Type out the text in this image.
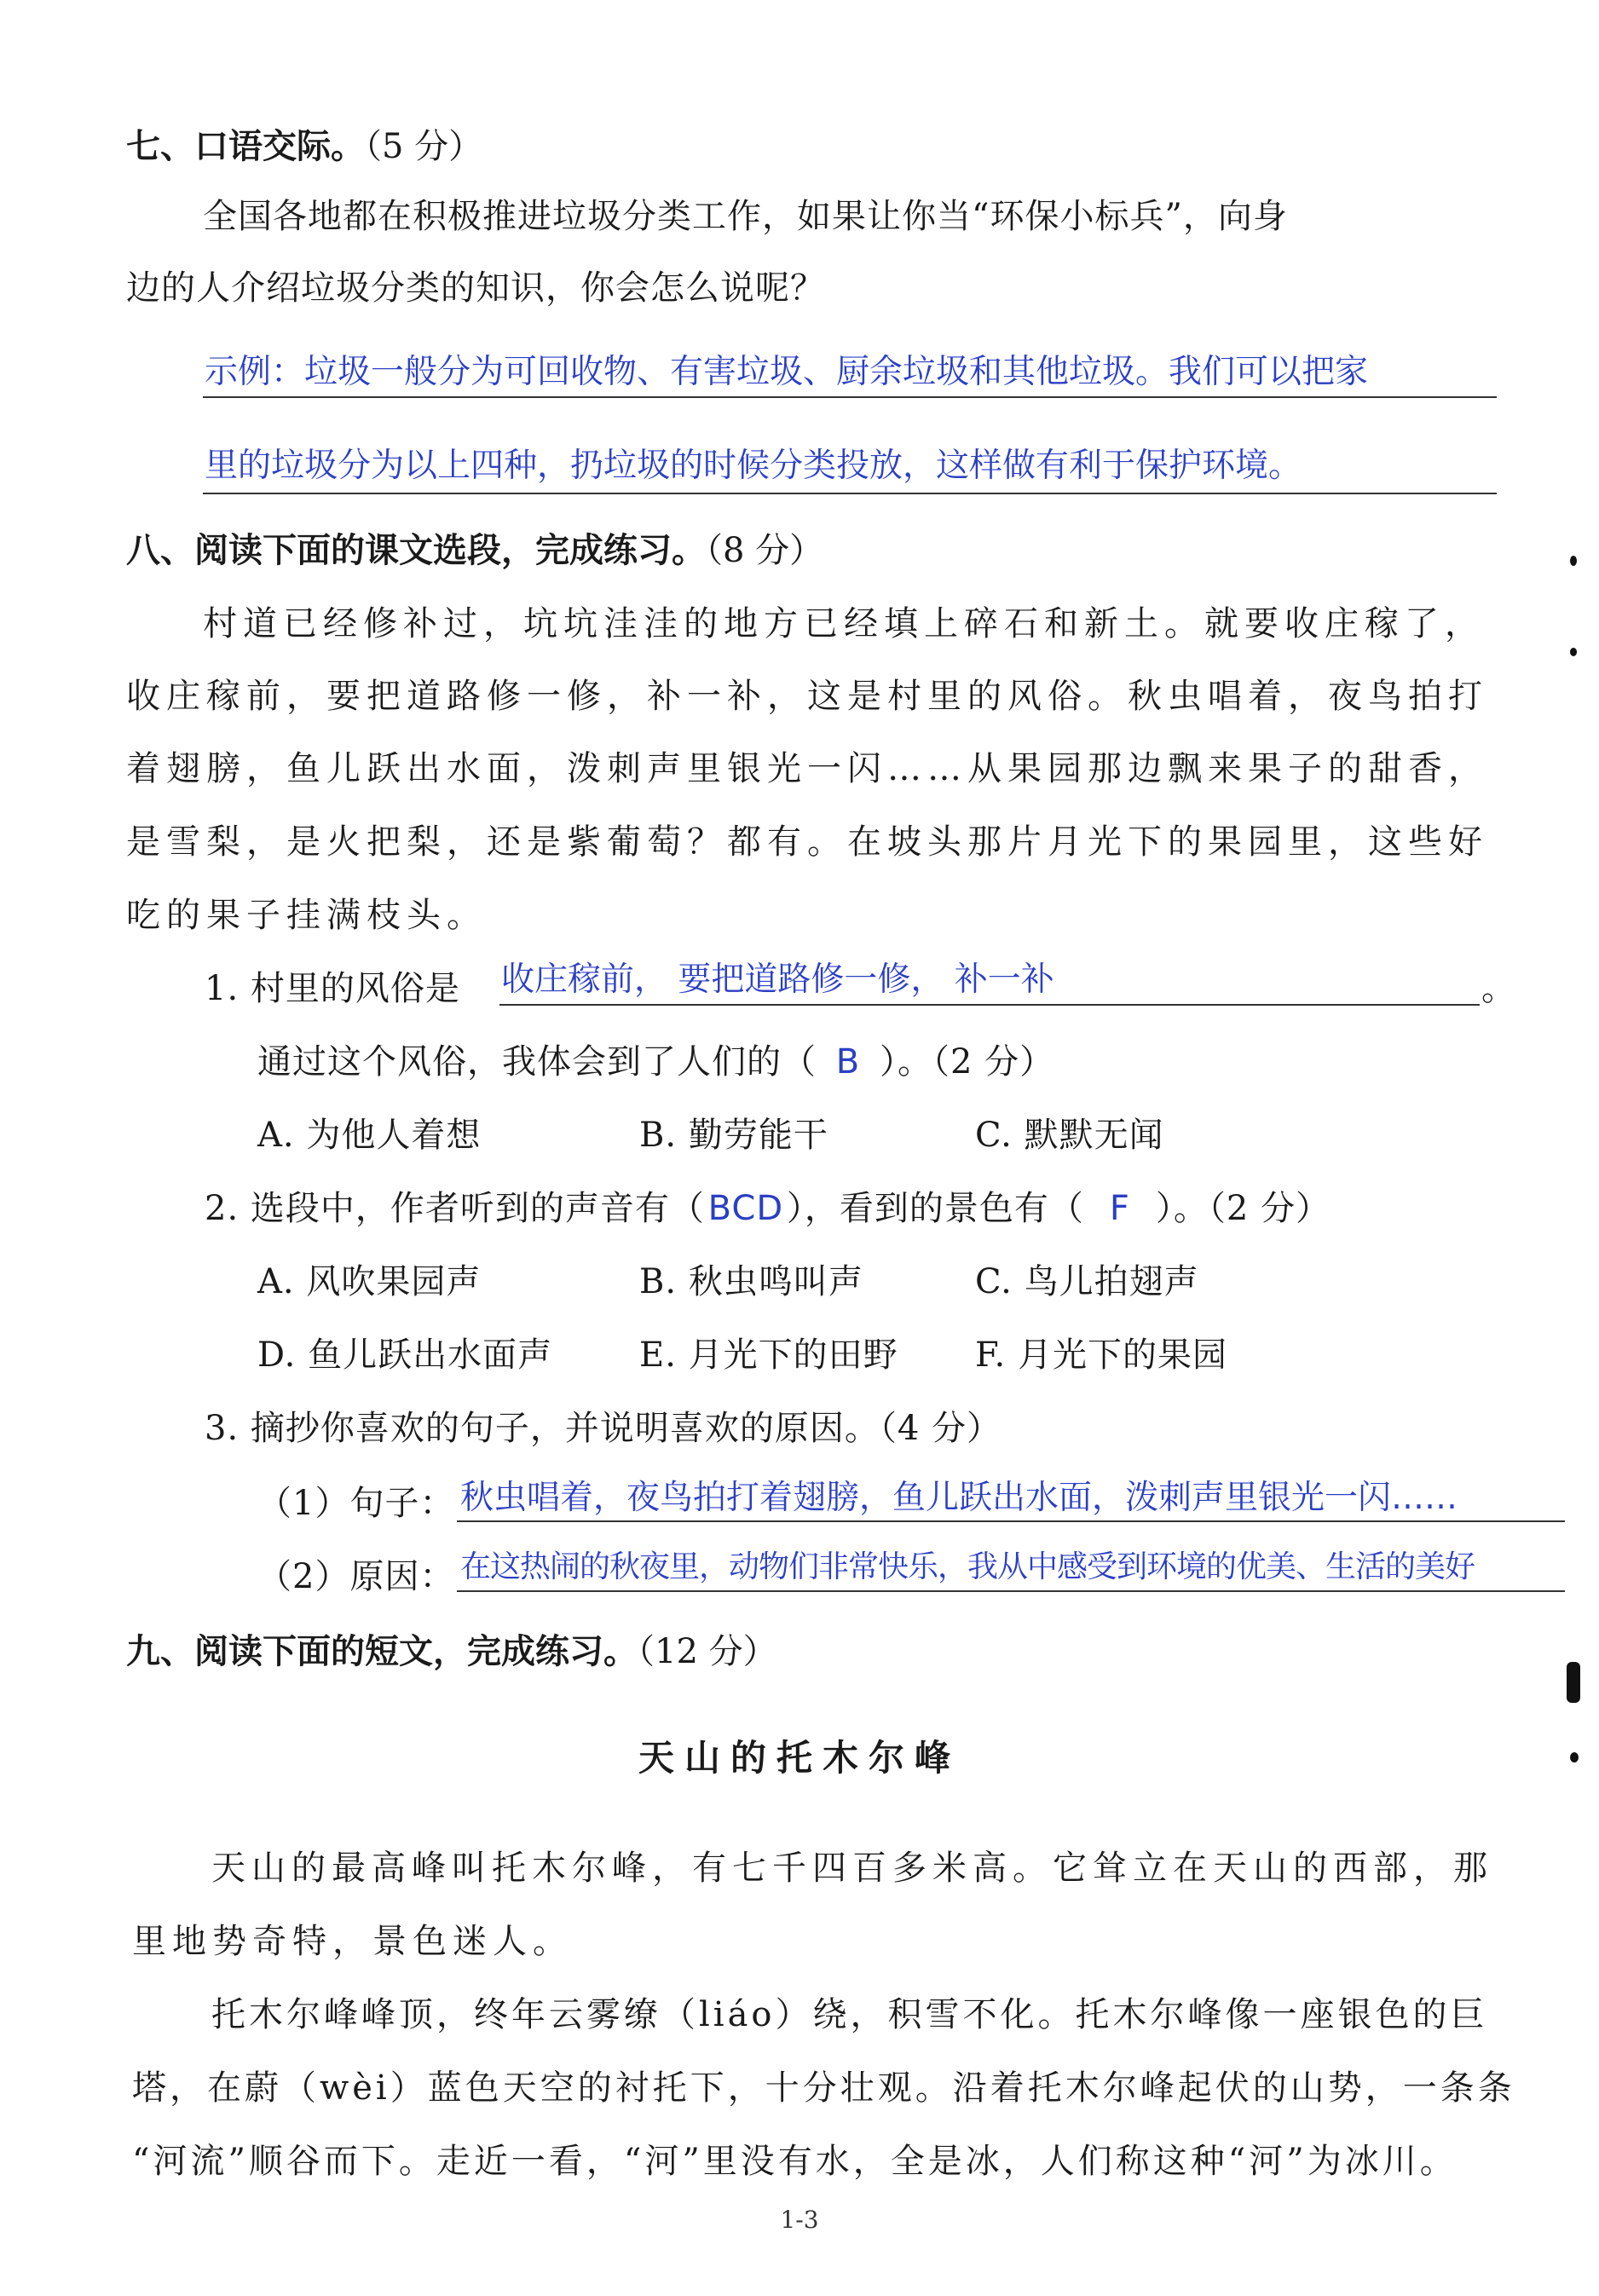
七、口语交际。（5 分）
全国各地都在积极推进垃圾分类工作，如果让你当“环保小标兵”，向身
边的人介绍垃圾分类的知识，你会怎么说呢？
示例：垃圾一般分为可回收物、有害垃圾、厨余垃圾和其他垃圾。我们可以把家
里的垃圾分为以上四种，扔垃圾的时候分类投放，这样做有利于保护环境。
八、阅读下面的课文选段，完成练习。（8 分）
村道已经修补过，坑坑洼洼的地方已经填上碎石和新土。就要收庄稼了，
收庄稼前，要把道路修一修，补一补，这是村里的风俗。秋虫唱着，夜鸟拍打
着翅膀，鱼儿跃出水面，泼刺声里银光一闪……从果园那边飘来果子的甜香，
是雪梨，是火把梨，还是紫葡萄？都有。在坡头那片月光下的果园里，这些好
吃的果子挂满枝头。
1. 村里的风俗是 收庄稼前， 要把道路修一修， 补一补	。
通过这个风俗，我体会到了人们的（ B ）。（2 分）
A. 为他人着想	B. 勤劳能干	C. 默默无闻
2. 选段中，作者听到的声音有（BCD），看到的景色有（ F ）。（2 分）
A. 风吹果园声	B. 秋虫鸣叫声	C. 鸟儿拍翅声
D. 鱼儿跃出水面声	E. 月光下的田野 F. 月光下的果园
3. 摘抄你喜欢的句子，并说明喜欢的原因。（4 分）
（1）句子： 秋虫唱着，夜鸟拍打着翅膀，鱼儿跃出水面，泼刺声里银光一闪……
（2）原因： 在这热闹的秋夜里，动物们非常快乐，我从中感受到环境的优美、生活的美好
九、阅读下面的短文，完成练习。（12 分）
天山的托木尔峰
天山的最高峰叫托木尔峰，有七千四百多米高。它耸立在天山的西部，那
里地势奇特，景色迷人。
托木尔峰峰顶，终年云雾缭（liáo）绕，积雪不化。托木尔峰像一座银色的巨
塔，在蔚（wèi）蓝色天空的衬托下，十分壮观。沿着托木尔峰起伏的山势，一条条
“河流”顺谷而下。走近一看，“河”里没有水，全是冰，人们称这种“河”为冰川。
1-3
